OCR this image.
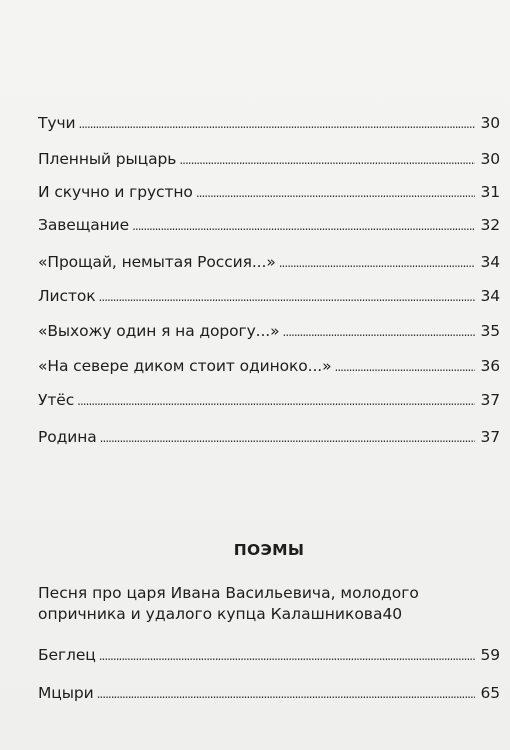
Тучи . . .	30
Пленный рыцарь . . .	30
И скучно и грустно . . .	31
Завещание . . .	32
«Прощай, немытая Россия...» . . .	34
Листок . . .	34
«Выхожу один я на дорогу...» . . .	35
«На севере диком стоит одиноко...» . . .	36
Утёс . . .	37
Родина . . .	37
ПОЭМЫ
Песня про царя Ивана Васильевича, молодого
опричника и удалого купца Калашникова 40
Беглец . . .	59
Мцыри . . .	65
